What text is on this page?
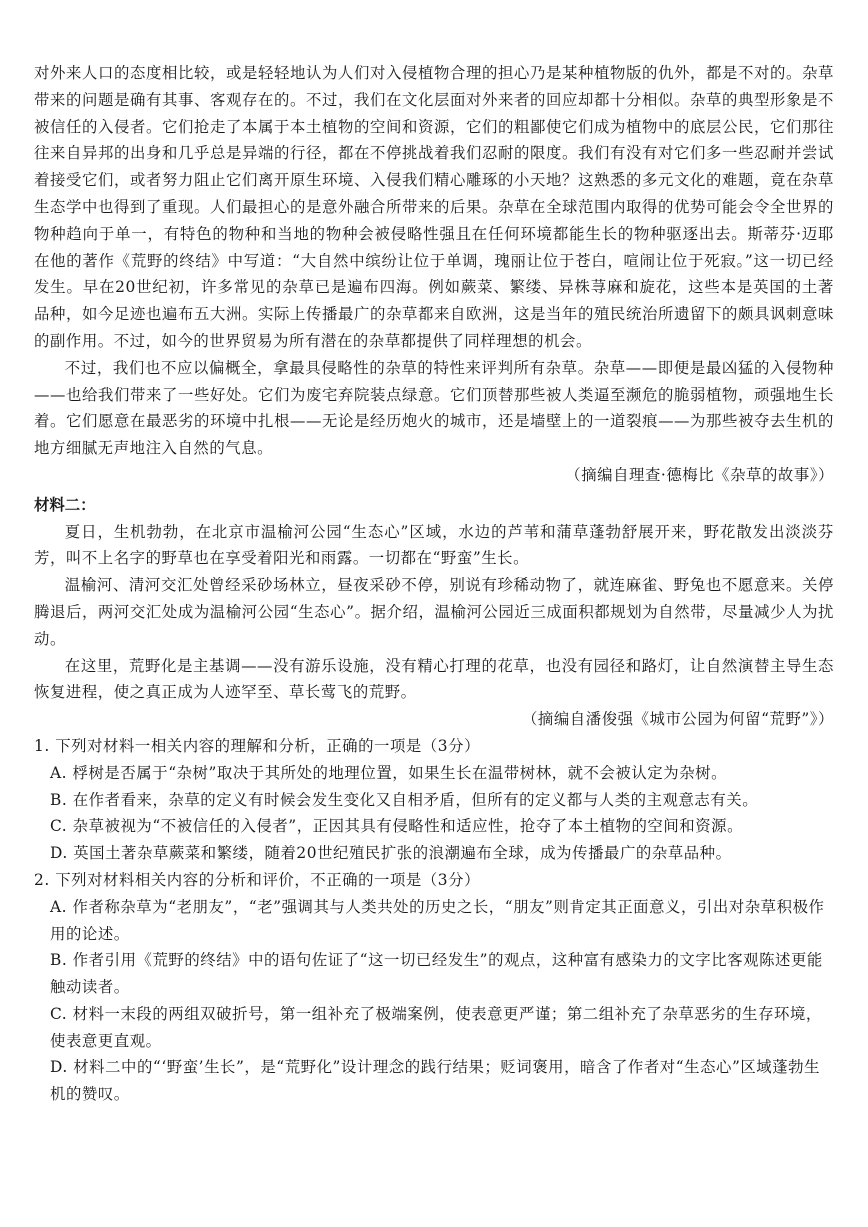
对外来人口的态度相比较，或是轻轻地认为人们对入侵植物合理的担心乃是某种植物版的仇外，都是不对的。杂草带来的问题是确有其事、客观存在的。不过，我们在文化层面对外来者的回应却都十分相似。杂草的典型形象是不被信任的入侵者。它们抢走了本属于本土植物的空间和资源，它们的粗鄙使它们成为植物中的底层公民，它们那往往来自异邦的出身和几乎总是异端的行径，都在不停挑战着我们忍耐的限度。我们有没有对它们多一些忍耐并尝试着接受它们，或者努力阻止它们离开原生环境、入侵我们精心雕琢的小天地？这熟悉的多元文化的难题，竟在杂草生态学中也得到了重现。人们最担心的是意外融合所带来的后果。杂草在全球范围内取得的优势可能会令全世界的物种趋向于单一，有特色的物种和当地的物种会被侵略性强且在任何环境都能生长的物种驱逐出去。斯蒂芬·迈耶在他的著作《荒野的终结》中写道：“大自然中缤纷让位于单调，瑰丽让位于苍白，喧闹让位于死寂。”这一切已经发生。早在20世纪初，许多常见的杂草已是遍布四海。例如蕨菜、繁缕、异株荨麻和旋花，这些本是英国的土著品种，如今足迹也遍布五大洲。实际上传播最广的杂草都来自欧洲，这是当年的殖民统治所遗留下的颇具讽刺意味的副作用。不过，如今的世界贸易为所有潜在的杂草都提供了同样理想的机会。

不过，我们也不应以偏概全，拿最具侵略性的杂草的特性来评判所有杂草。杂草——即便是最凶猛的入侵物种——也给我们带来了一些好处。它们为废宅弃院装点绿意。它们顶替那些被人类逼至濒危的脆弱植物，顽强地生长着。它们愿意在最恶劣的环境中扎根——无论是经历炮火的城市，还是墙壁上的一道裂痕——为那些被夺去生机的地方细腻无声地注入自然的气息。

（摘编自理查·德梅比《杂草的故事》）
材料二：

夏日，生机勃勃，在北京市温榆河公园“生态心”区域，水边的芦苇和蒲草蓬勃舒展开来，野花散发出淡淡芬芳，叫不上名字的野草也在享受着阳光和雨露。一切都在“野蛮”生长。

温榆河、清河交汇处曾经采砂场林立，昼夜采砂不停，别说有珍稀动物了，就连麻雀、野兔也不愿意来。关停腾退后，两河交汇处成为温榆河公园“生态心”。据介绍，温榆河公园近三成面积都规划为自然带，尽量减少人为扰动。

在这里，荒野化是主基调——没有游乐设施，没有精心打理的花草，也没有园径和路灯，让自然演替主导生态恢复进程，使之真正成为人迹罕至、草长莺飞的荒野。

（摘编自潘俊强《城市公园为何留“荒野”》）
1. 下列对材料一相关内容的理解和分析，正确的一项是（3分）
A. 桴树是否属于“杂树”取决于其所处的地理位置，如果生长在温带树林，就不会被认定为杂树。
B. 在作者看来，杂草的定义有时候会发生变化又自相矛盾，但所有的定义都与人类的主观意志有关。
C. 杂草被视为“不被信任的入侵者”，正因其具有侵略性和适应性，抢夺了本土植物的空间和资源。
D. 英国土著杂草蕨菜和繁缕，随着20世纪殖民扩张的浪潮遍布全球，成为传播最广的杂草品种。
2. 下列对材料相关内容的分析和评价，不正确的一项是（3分）
A. 作者称杂草为“老朋友”，“老”强调其与人类共处的历史之长，“朋友”则肯定其正面意义，引出对杂草积极作用的论述。
B. 作者引用《荒野的终结》中的语句佐证了“这一切已经发生”的观点，这种富有感染力的文字比客观陈述更能触动读者。
C. 材料一末段的两组双破折号，第一组补充了极端案例，使表意更严谨；第二组补充了杂草恶劣的生存环境，使表意更直观。
D. 材料二中的“‘野蛮’生长”，是“荒野化”设计理念的践行结果；贬词褒用，暗含了作者对“生态心”区域蓬勃生机的赞叹。
